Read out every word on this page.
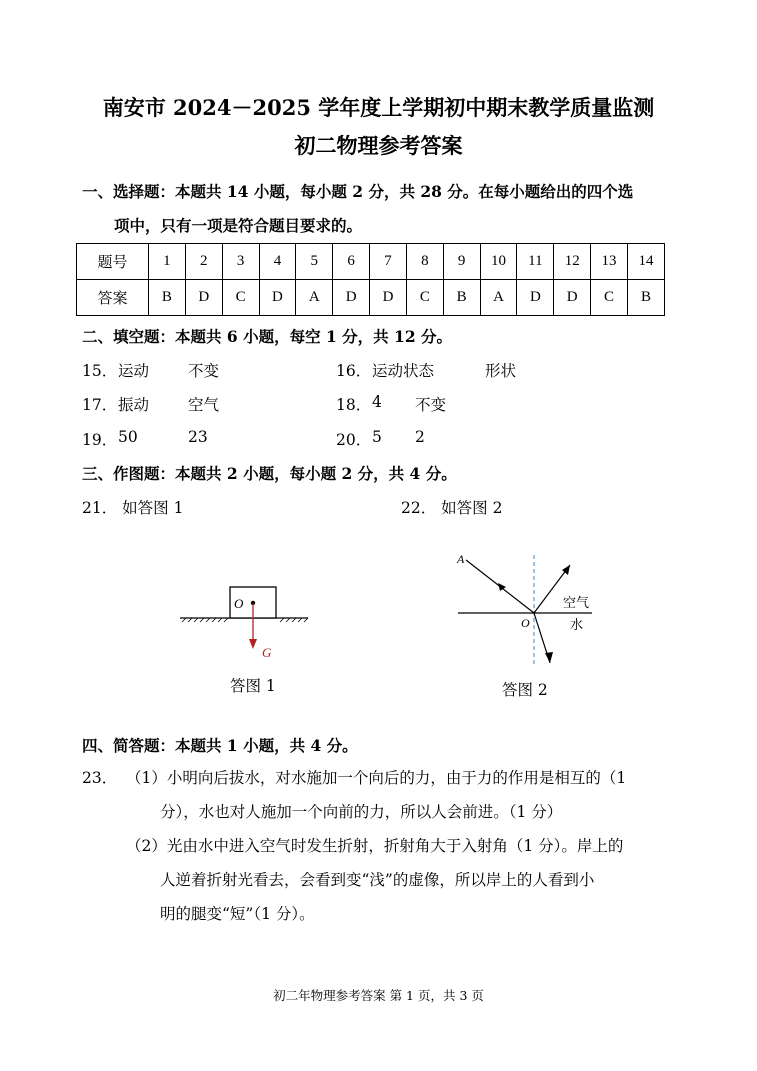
南安市 2024－2025 学年度上学期初中期末教学质量监测
初二物理参考答案
一、选择题：本题共 14 小题，每小题 2 分，共 28 分。在每小题给出的四个选
项中，只有一项是符合题目要求的。
题号	1	2	3	4	5	6	7	8	9	10	11	12	13	14
答案	B	D	C	D	A	D	D	C	B	A	D	D	C	B
二、填空题：本题共 6 小题，每空 1 分，共 12 分。
15． 运动	不变	16． 运动状态	形状
17． 振动	空气	18． 4 不变
19． 50	23	20． 5 2
三、作图题：本题共 2 小题，每小题 2 分，共 4 分。
21． 如答图 1	22． 如答图 2
O
G
答图 1
A
O
空气
水
答图 2
四、简答题：本题共 1 小题，共 4 分。
23． （1）小明向后拔水，对水施加一个向后的力，由于力的作用是相互的（1
分），水也对人施加一个向前的力，所以人会前进。（1 分）
（2）光由水中进入空气时发生折射，折射角大于入射角（1 分）。岸上的
人逆着折射光看去，会看到变“浅”的虚像，所以岸上的人看到小
明的腿变“短”（1 分）。
初二年物理参考答案 第 1 页，共 3 页
